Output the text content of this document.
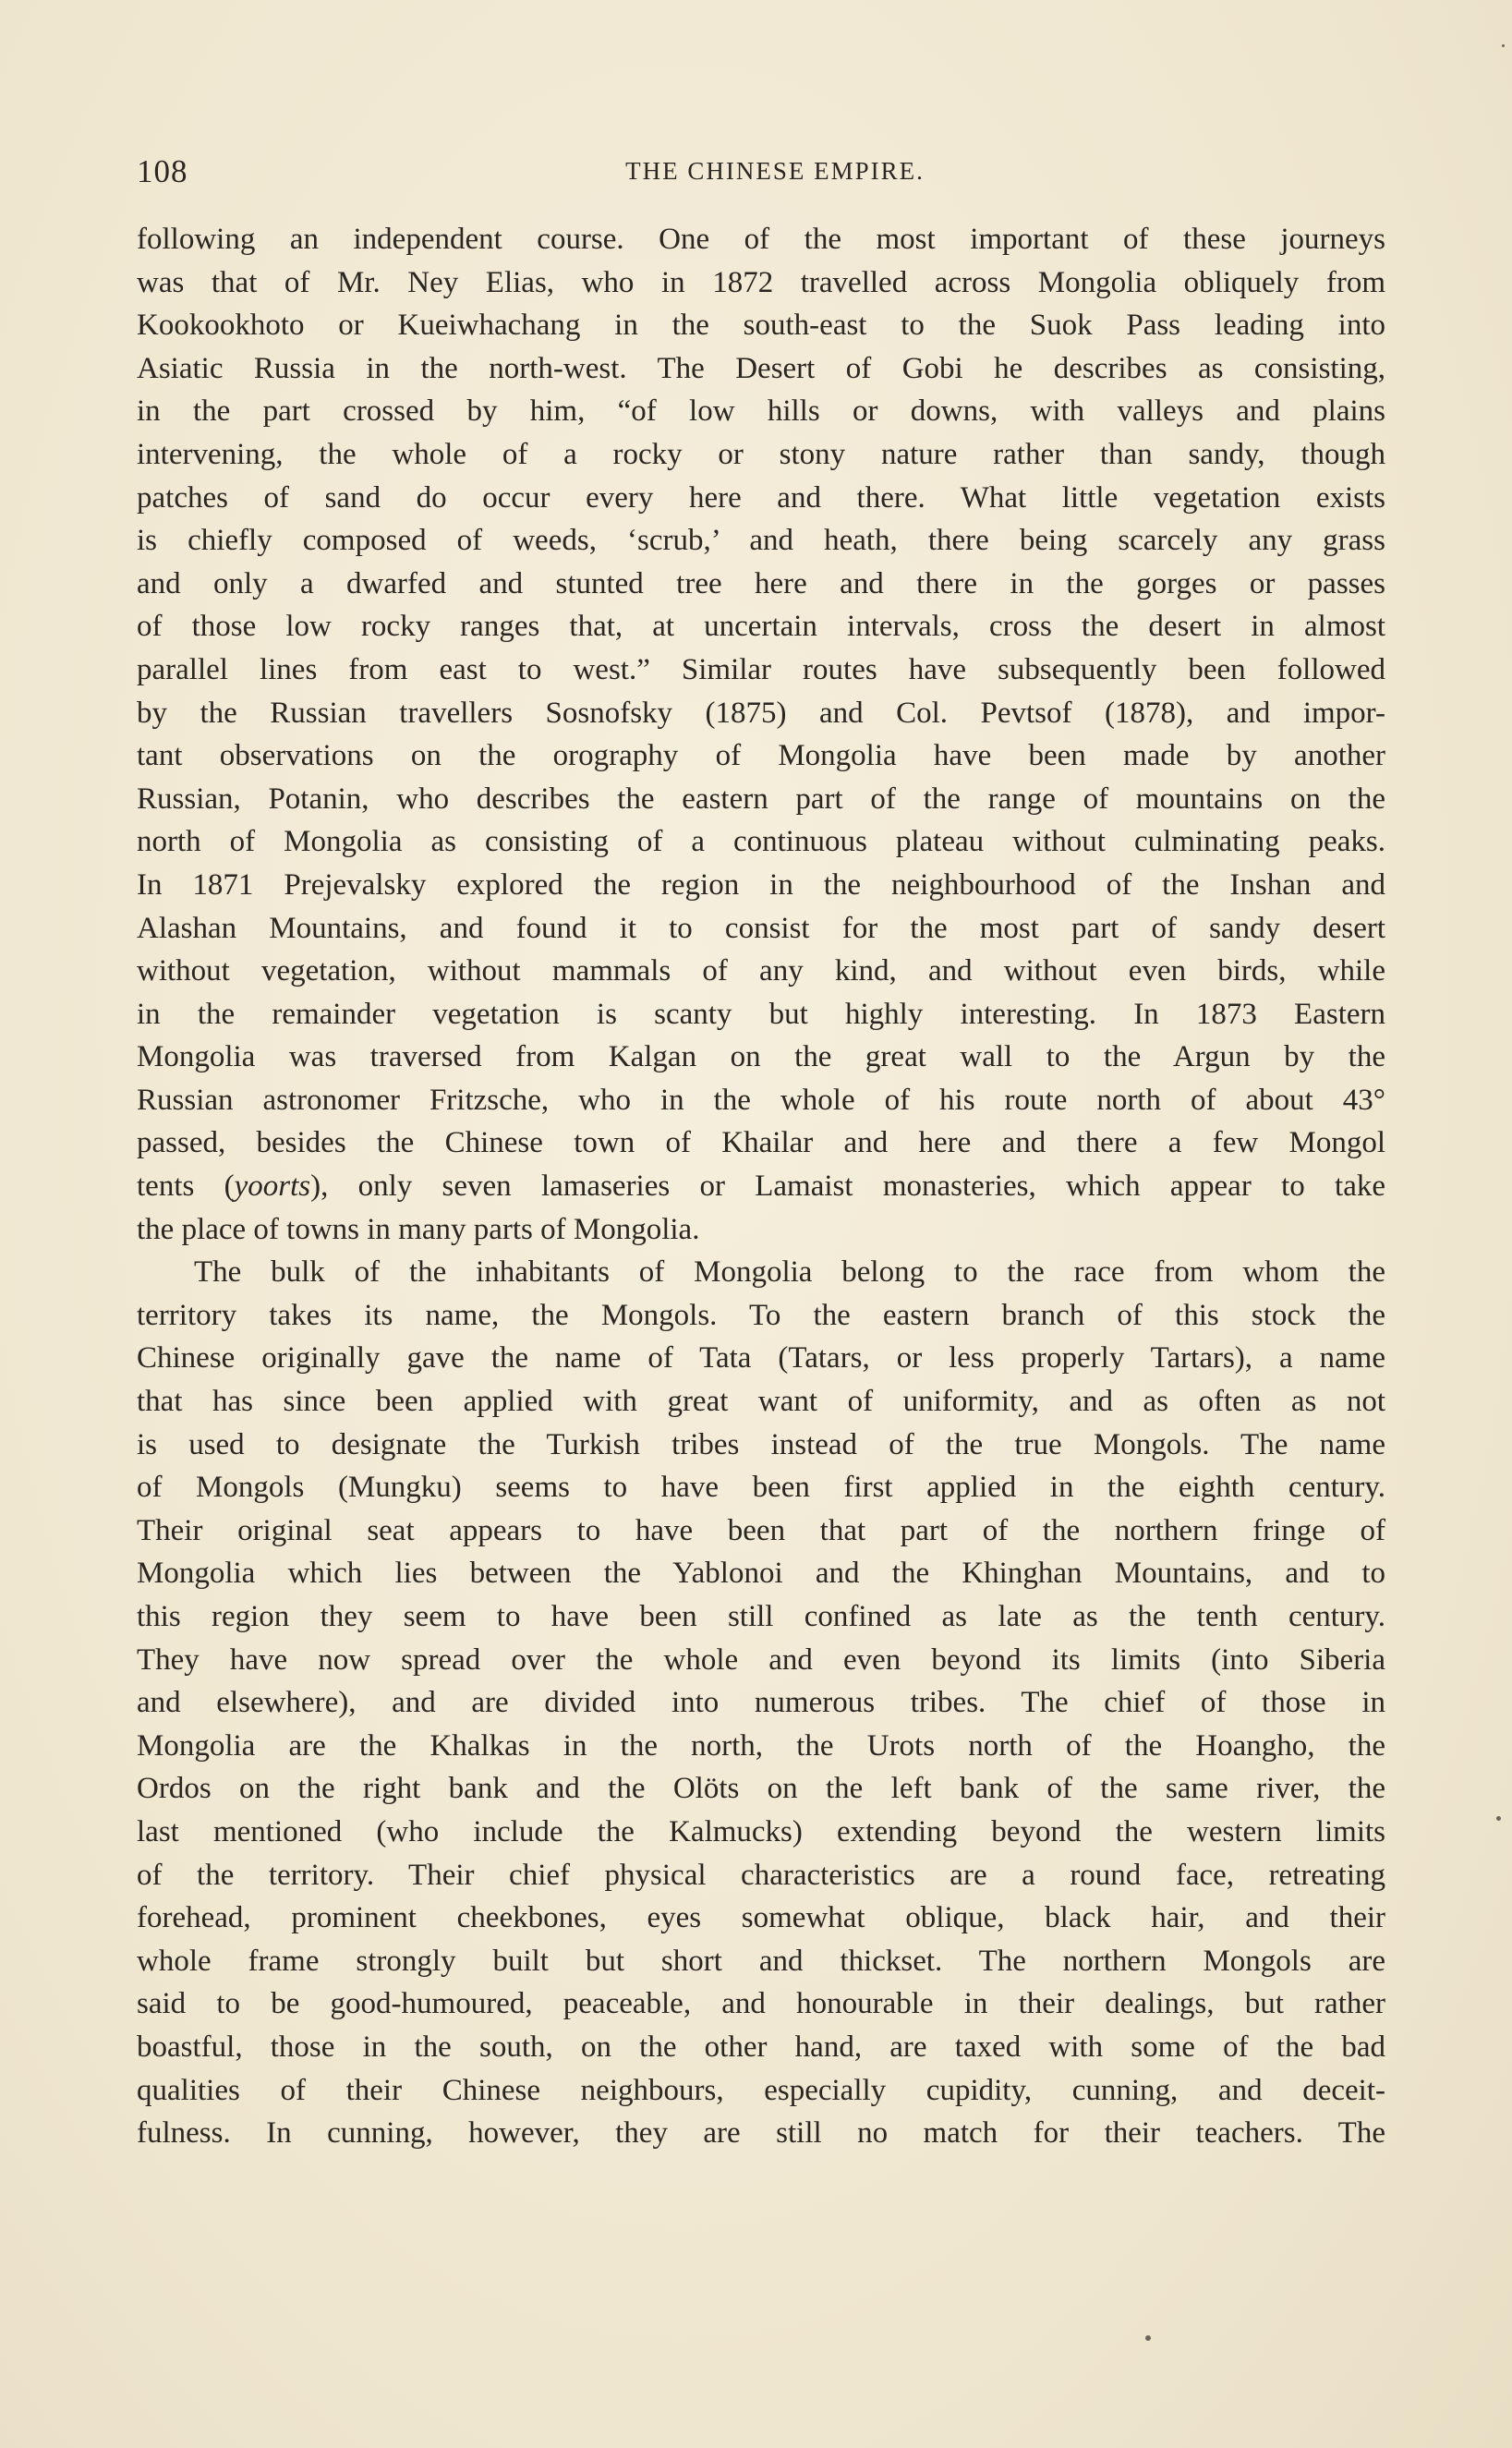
108	THE CHINESE EMPIRE.
following an independent course. One of the most important of these journeys
was that of Mr. Ney Elias, who in 1872 travelled across Mongolia obliquely from
Kookookhoto or Kueiwhachang in the south-east to the Suok Pass leading into
Asiatic Russia in the north-west. The Desert of Gobi he describes as consisting,
in the part crossed by him, “of low hills or downs, with valleys and plains
intervening, the whole of a rocky or stony nature rather than sandy, though
patches of sand do occur every here and there. What little vegetation exists
is chiefly composed of weeds, ‘scrub,’ and heath, there being scarcely any grass
and only a dwarfed and stunted tree here and there in the gorges or passes
of those low rocky ranges that, at uncertain intervals, cross the desert in almost
parallel lines from east to west.” Similar routes have subsequently been followed
by the Russian travellers Sosnofsky (1875) and Col. Pevtsof (1878), and impor-
tant observations on the orography of Mongolia have been made by another
Russian, Potanin, who describes the eastern part of the range of mountains on the
north of Mongolia as consisting of a continuous plateau without culminating peaks.
In 1871 Prejevalsky explored the region in the neighbourhood of the Inshan and
Alashan Mountains, and found it to consist for the most part of sandy desert
without vegetation, without mammals of any kind, and without even birds, while
in the remainder vegetation is scanty but highly interesting. In 1873 Eastern
Mongolia was traversed from Kalgan on the great wall to the Argun by the
Russian astronomer Fritzsche, who in the whole of his route north of about 43°
passed, besides the Chinese town of Khailar and here and there a few Mongol
tents (yoorts), only seven lamaseries or Lamaist monasteries, which appear to take
the place of towns in many parts of Mongolia.
The bulk of the inhabitants of Mongolia belong to the race from whom the
territory takes its name, the Mongols. To the eastern branch of this stock the
Chinese originally gave the name of Tata (Tatars, or less properly Tartars), a name
that has since been applied with great want of uniformity, and as often as not
is used to designate the Turkish tribes instead of the true Mongols. The name
of Mongols (Mungku) seems to have been first applied in the eighth century.
Their original seat appears to have been that part of the northern fringe of
Mongolia which lies between the Yablonoi and the Khinghan Mountains, and to
this region they seem to have been still confined as late as the tenth century.
They have now spread over the whole and even beyond its limits (into Siberia
and elsewhere), and are divided into numerous tribes. The chief of those in
Mongolia are the Khalkas in the north, the Urots north of the Hoangho, the
Ordos on the right bank and the Olöts on the left bank of the same river, the
last mentioned (who include the Kalmucks) extending beyond the western limits
of the territory. Their chief physical characteristics are a round face, retreating
forehead, prominent cheekbones, eyes somewhat oblique, black hair, and their
whole frame strongly built but short and thickset. The northern Mongols are
said to be good-humoured, peaceable, and honourable in their dealings, but rather
boastful, those in the south, on the other hand, are taxed with some of the bad
qualities of their Chinese neighbours, especially cupidity, cunning, and deceit-
fulness. In cunning, however, they are still no match for their teachers. The
